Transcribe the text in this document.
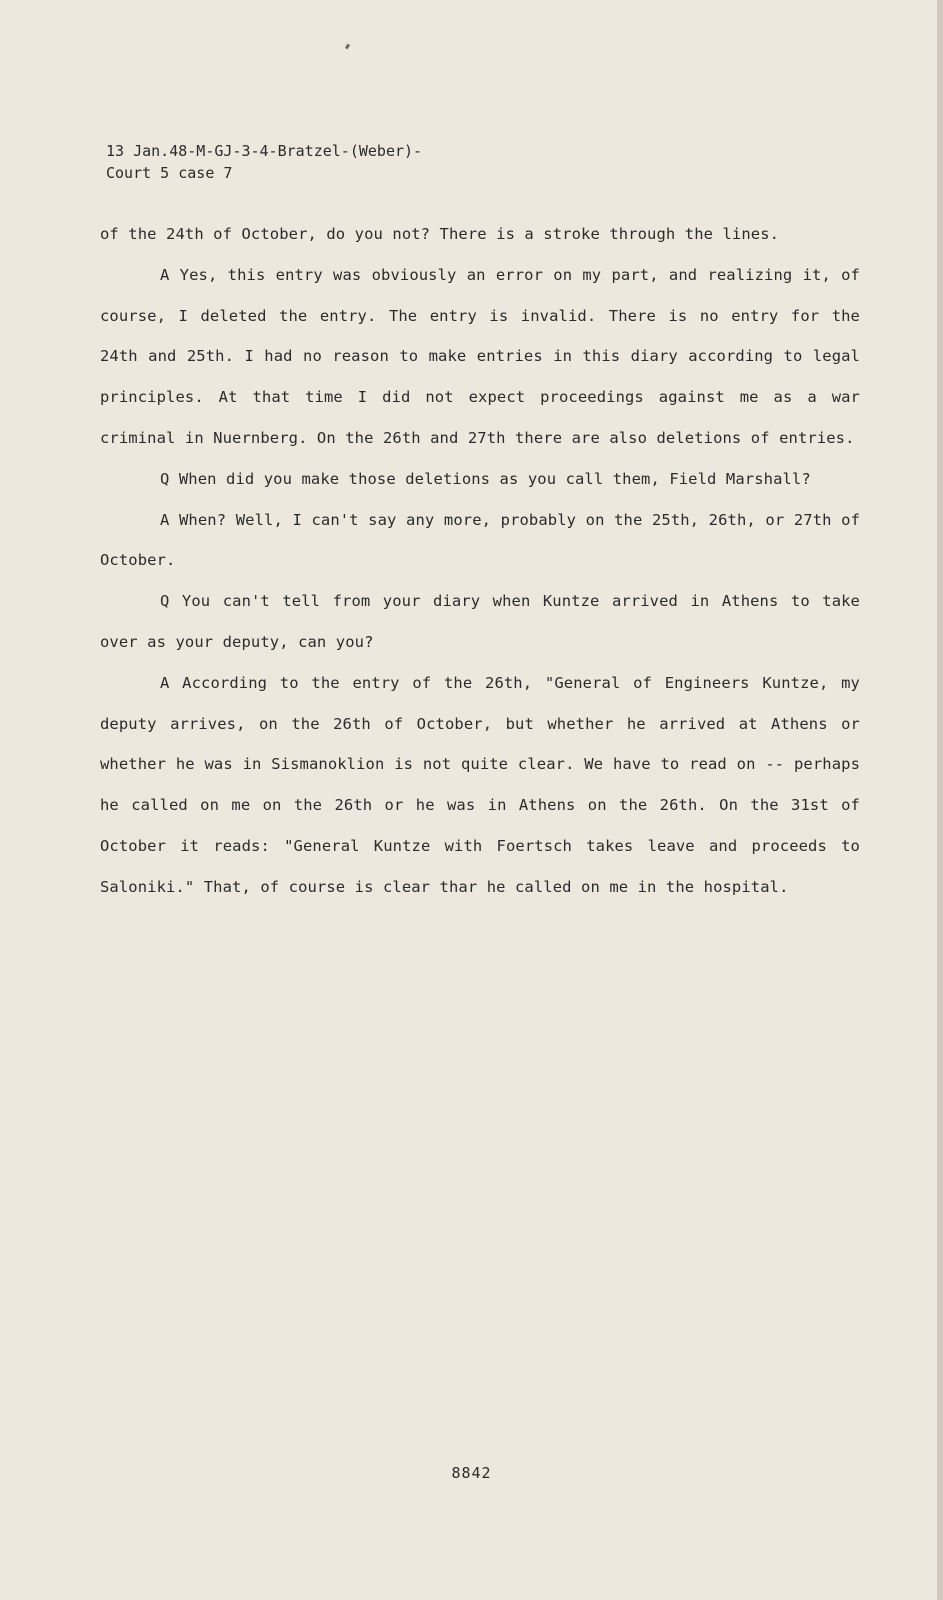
13 Jan.48-M-GJ-3-4-Bratzel-(Weber)-
Court 5 case 7

of the 24th of October, do you not? There is a stroke through the lines.

A Yes, this entry was obviously an error on my part, and realizing it, of course, I deleted the entry. The entry is invalid. There is no entry for the 24th and 25th. I had no reason to make entries in this diary according to legal principles. At that time I did not expect proceedings against me as a war criminal in Nuernberg. On the 26th and 27th there are also deletions of entries.

Q When did you make those deletions as you call them, Field Marshall?

A When? Well, I can't say any more, probably on the 25th, 26th, or 27th of October.

Q You can't tell from your diary when Kuntze arrived in Athens to take over as your deputy, can you?

A According to the entry of the 26th, "General of Engineers Kuntze, my deputy arrives, on the 26th of October, but whether he arrived at Athens or whether he was in Sismanoklion is not quite clear. We have to read on -- perhaps he called on me on the 26th or he was in Athens on the 26th. On the 31st of October it reads: "General Kuntze with Foertsch takes leave and proceeds to Saloniki." That, of course is clear thar he called on me in the hospital.

8842
